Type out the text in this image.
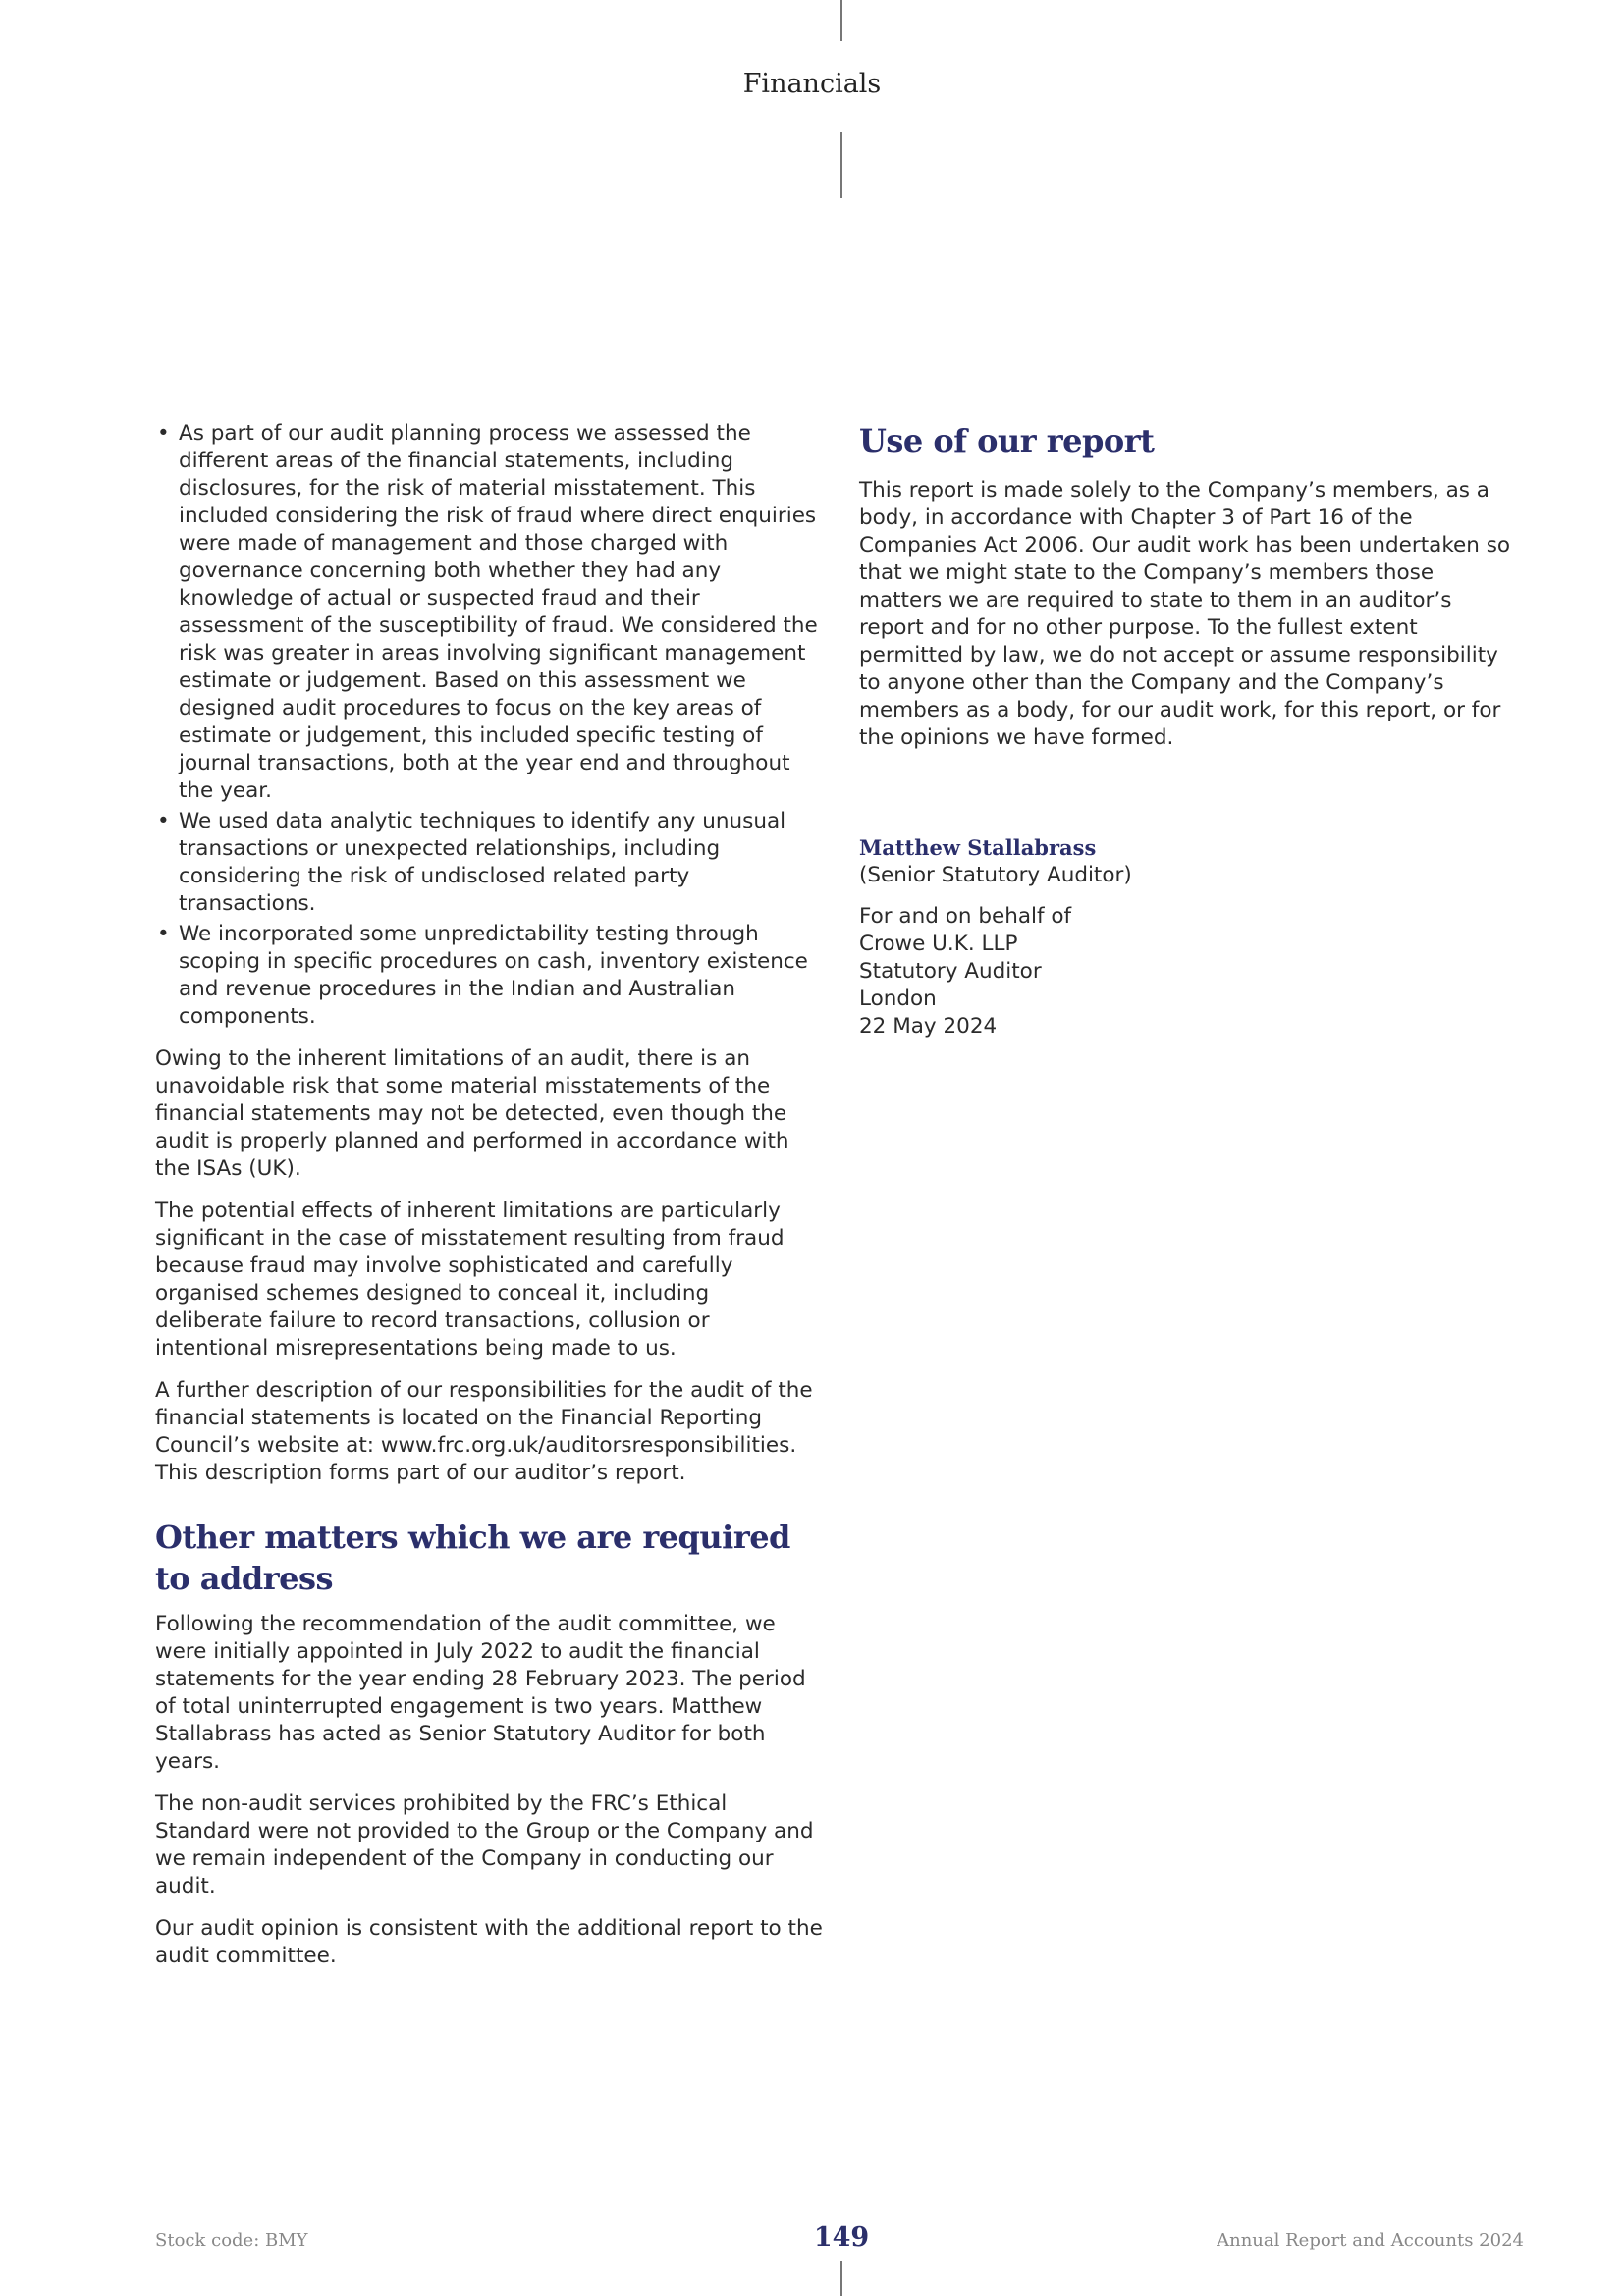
Financials
• As part of our audit planning process we assessed the different areas of the financial statements, including disclosures, for the risk of material misstatement. This included considering the risk of fraud where direct enquiries were made of management and those charged with governance concerning both whether they had any knowledge of actual or suspected fraud and their assessment of the susceptibility of fraud. We considered the risk was greater in areas involving significant management estimate or judgement. Based on this assessment we designed audit procedures to focus on the key areas of estimate or judgement, this included specific testing of journal transactions, both at the year end and throughout the year.
• We used data analytic techniques to identify any unusual transactions or unexpected relationships, including considering the risk of undisclosed related party transactions.
• We incorporated some unpredictability testing through scoping in specific procedures on cash, inventory existence and revenue procedures in the Indian and Australian components.

Owing to the inherent limitations of an audit, there is an unavoidable risk that some material misstatements of the financial statements may not be detected, even though the audit is properly planned and performed in accordance with the ISAs (UK).

The potential effects of inherent limitations are particularly significant in the case of misstatement resulting from fraud because fraud may involve sophisticated and carefully organised schemes designed to conceal it, including deliberate failure to record transactions, collusion or intentional misrepresentations being made to us.

A further description of our responsibilities for the audit of the financial statements is located on the Financial Reporting Council’s website at: www.frc.org.uk/auditorsresponsibilities. This description forms part of our auditor’s report.

Other matters which we are required to address

Following the recommendation of the audit committee, we were initially appointed in July 2022 to audit the financial statements for the year ending 28 February 2023. The period of total uninterrupted engagement is two years. Matthew Stallabrass has acted as Senior Statutory Auditor for both years.

The non-audit services prohibited by the FRC’s Ethical Standard were not provided to the Group or the Company and we remain independent of the Company in conducting our audit.

Our audit opinion is consistent with the additional report to the audit committee.

Use of our report

This report is made solely to the Company’s members, as a body, in accordance with Chapter 3 of Part 16 of the Companies Act 2006. Our audit work has been undertaken so that we might state to the Company’s members those matters we are required to state to them in an auditor’s report and for no other purpose. To the fullest extent permitted by law, we do not accept or assume responsibility to anyone other than the Company and the Company’s members as a body, for our audit work, for this report, or for the opinions we have formed.

Matthew Stallabrass
(Senior Statutory Auditor)
For and on behalf of
Crowe U.K. LLP
Statutory Auditor
London
22 May 2024
Stock code: BMY	149	Annual Report and Accounts 2024
